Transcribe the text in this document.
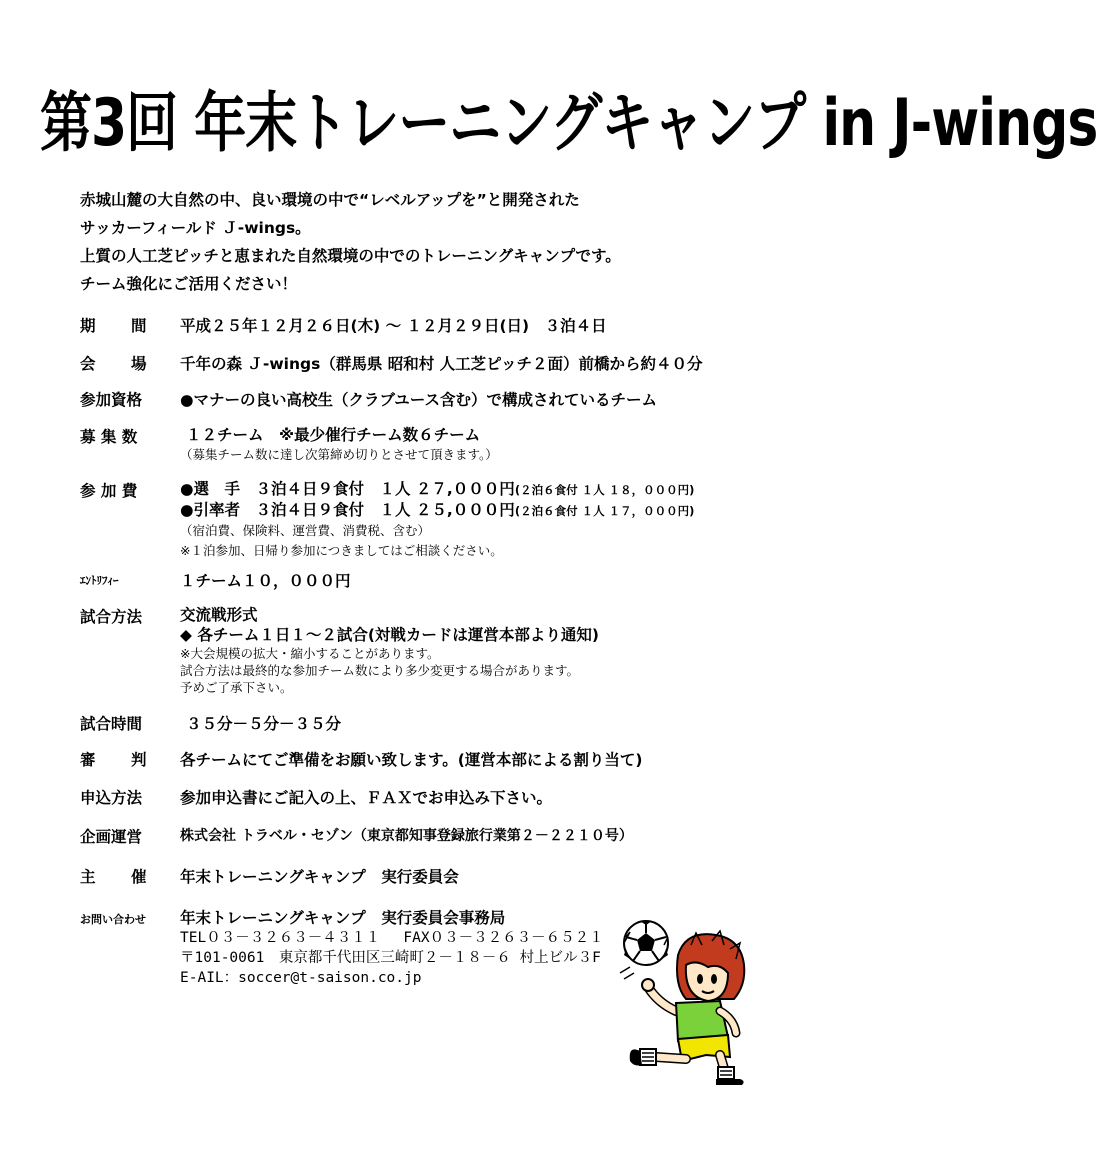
第3回 年末トレーニングキャンプ in J-wings
赤城山麓の大自然の中、良い環境の中で“レベルアップを”と開発された
サッカーフィールド Ｊ-wings。
上質の人工芝ピッチと恵まれた自然環境の中でのトレーニングキャンプです。
チーム強化にご活用ください！
期　間	平成２５年１２月２６日(木) ～ １２月２９日(日)　３泊４日
会　場	千年の森 Ｊ-wings（群馬県 昭和村 人工芝ピッチ２面）前橋から約４０分
参加資格	●マナーの良い高校生（クラブユース含む）で構成されているチーム
募 集 数	１２チーム　※最少催行チーム数６チーム
（募集チーム数に達し次第締め切りとさせて頂きます。）
参 加 費	●選　手　３泊４日９食付　１人 ２７,０００円(２泊６食付 １人 １８，０００円)
●引率者　３泊４日９食付　１人 ２５,０００円(２泊６食付 １人 １７，０００円)
（宿泊費、保険料、運営費、消費税、含む）
※１泊参加、日帰り参加につきましてはご相談ください。
ｴﾝﾄﾘﾌｨｰ	１チーム１０，０００円
試合方法	交流戦形式
◆ 各チーム１日１～２試合(対戦カードは運営本部より通知)
※大会規模の拡大・縮小することがあります。
試合方法は最終的な参加チーム数により多少変更する場合があります。
予めご了承下さい。
試合時間	３５分－５分－３５分
審　判	各チームにてご準備をお願い致します。(運営本部による割り当て)
申込方法	参加申込書にご記入の上、ＦＡＸでお申込み下さい。
企画運営	株式会社 トラベル・セゾン（東京都知事登録旅行業第２－２２１０号）
主　催	年末トレーニングキャンプ　実行委員会
お問い合わせ	年末トレーニングキャンプ　実行委員会事務局
TEL０３－３２６３－４３１１　 FAX０３－３２６３－６５２１
〒101‐0061　東京都千代田区三崎町２－１８－６ 村上ビル３F
E-AIL：soccer@t-saison.co.jp
